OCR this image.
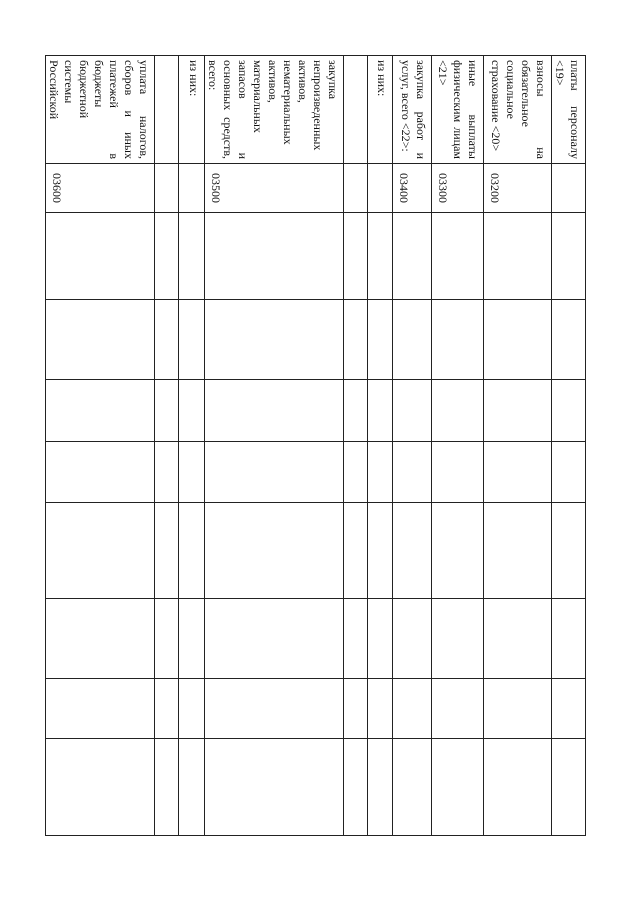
платы персоналу <19>									

взносы на обязательное социальное страхование <20>	03200								

иные выплаты физическим лицам <21>	03300								

закупка работ и услуг, всего <22>:	03400								

из них:									

закупка непроизведенных активов, нематериальных активов, материальных запасов и основных средств, всего:	03500								

из них:									

уплата налогов, сборов и иных платежей в бюджеты бюджетной системы Российской	03600								
